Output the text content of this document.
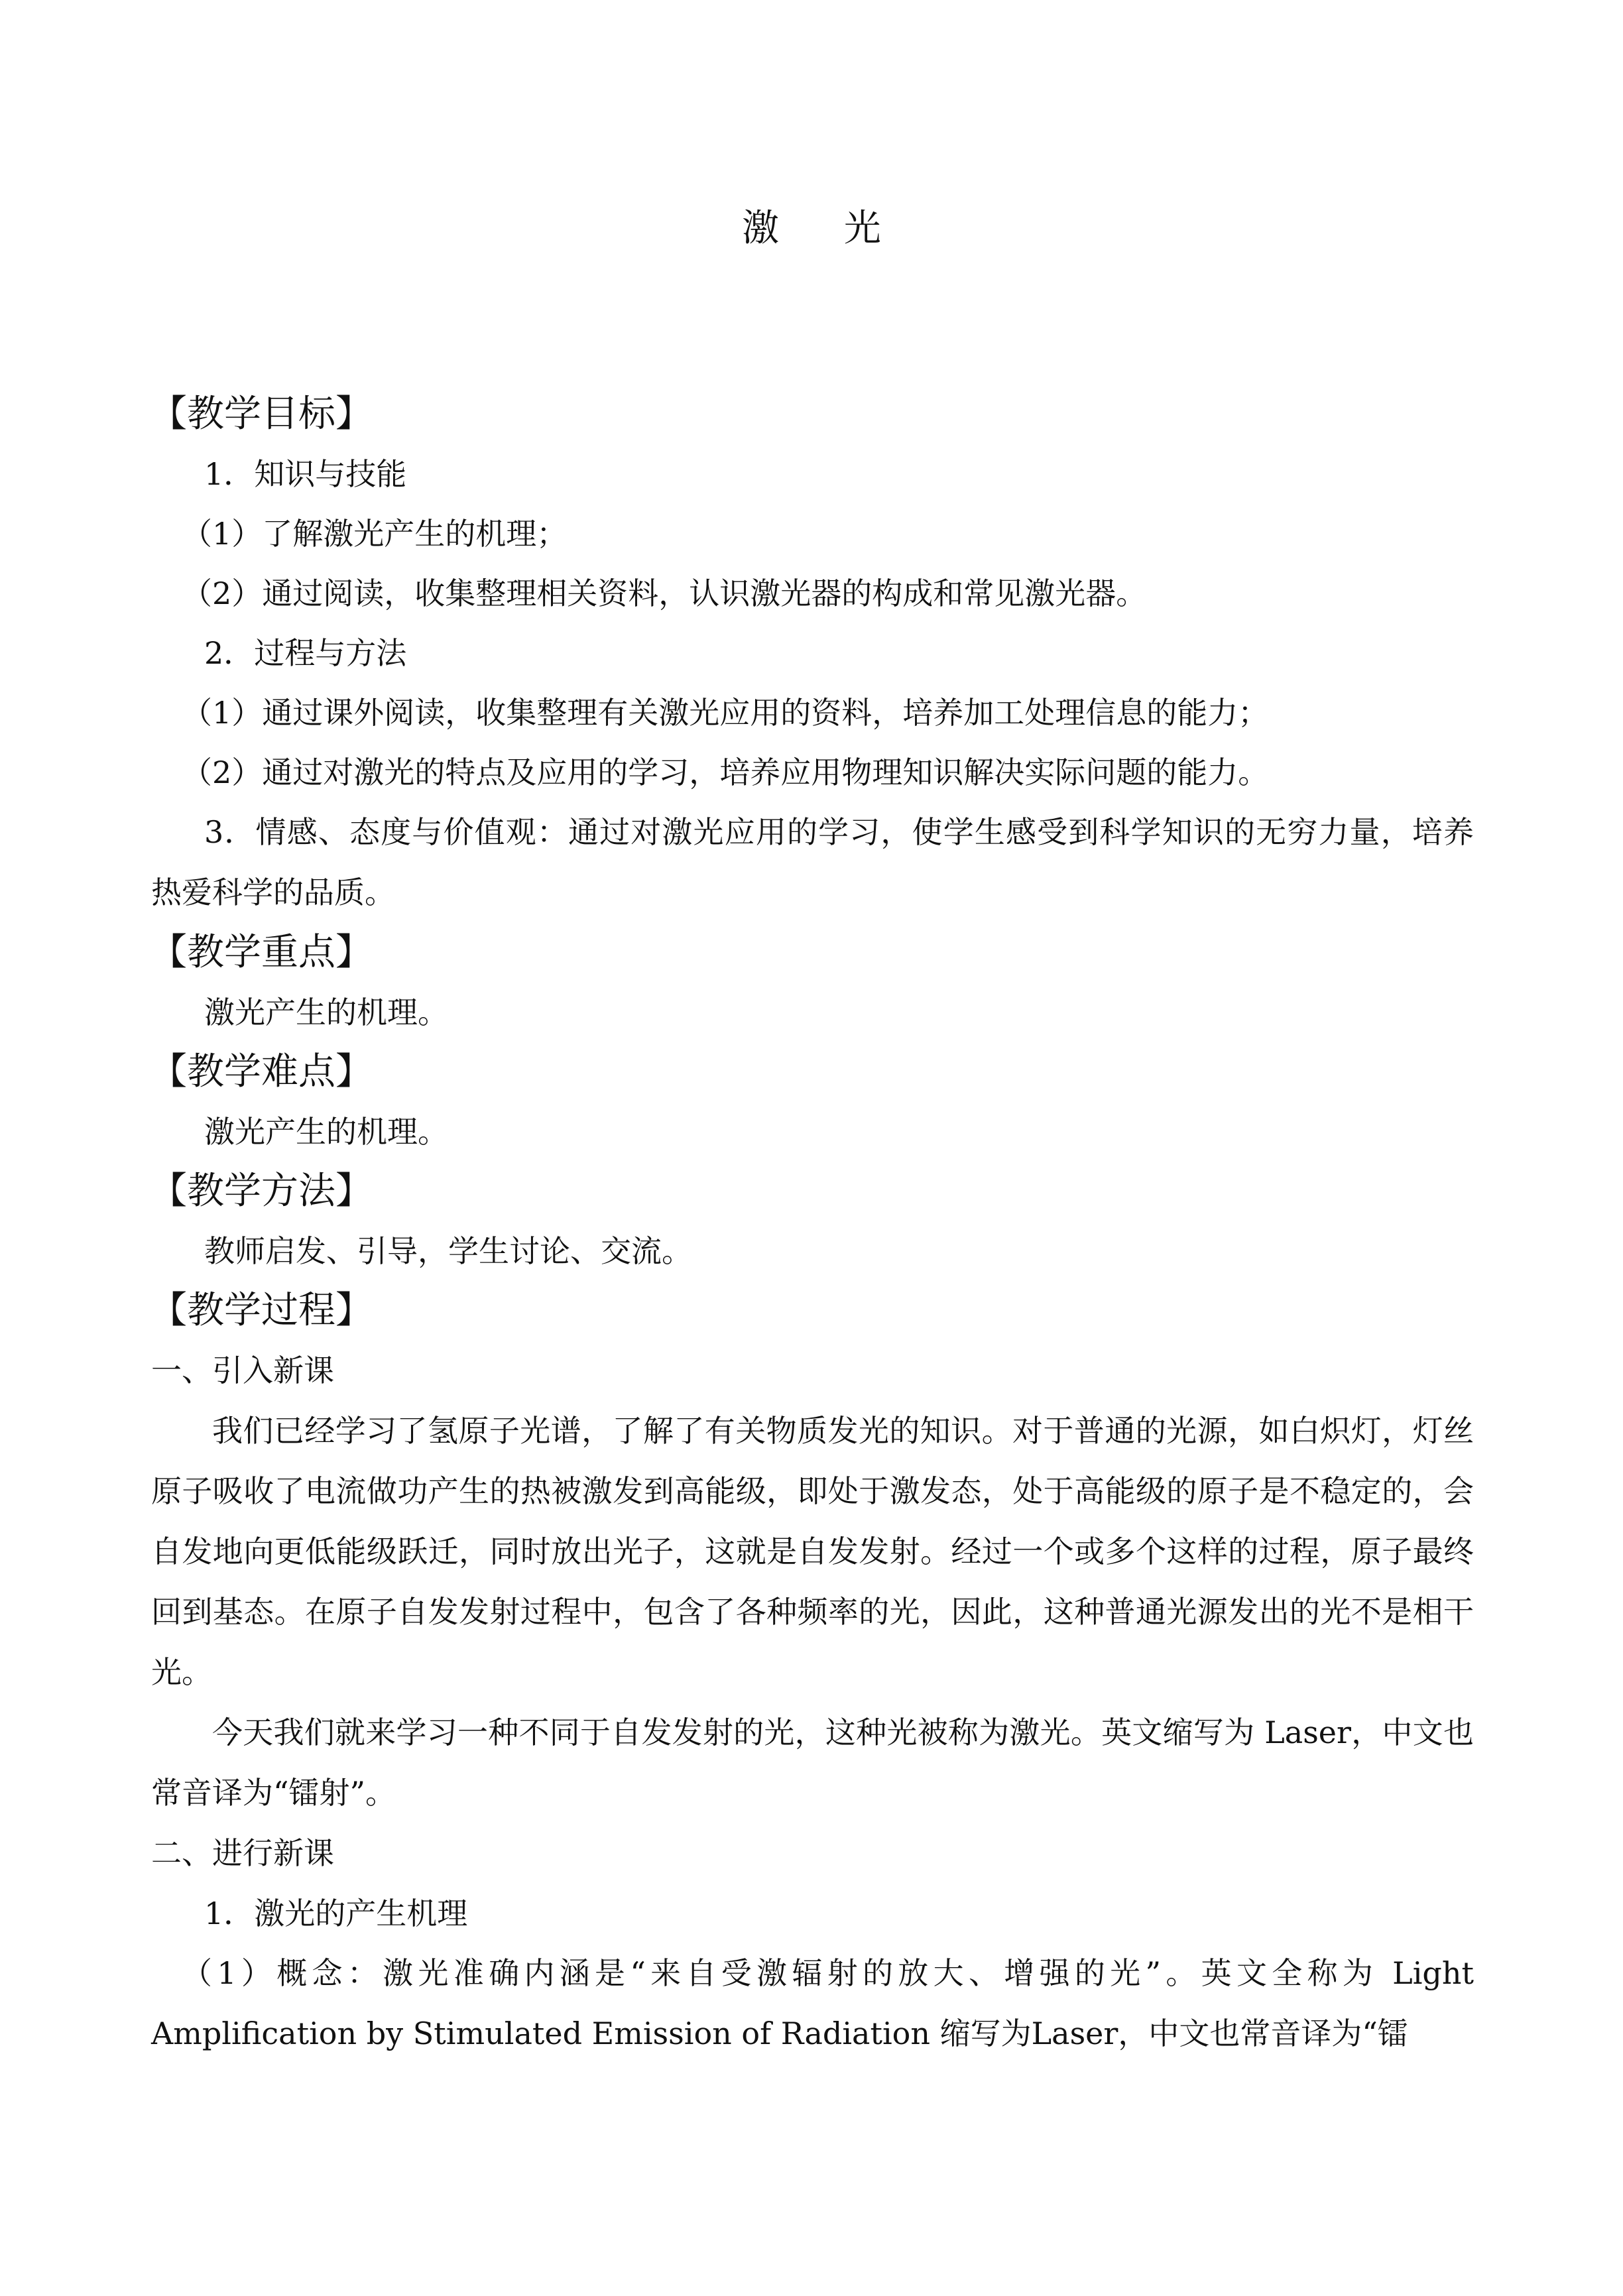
激 光
【教学目标】
1．知识与技能
（1）了解激光产生的机理；
（2）通过阅读，收集整理相关资料，认识激光器的构成和常见激光器。
2．过程与方法
（1）通过课外阅读，收集整理有关激光应用的资料，培养加工处理信息的能力；
（2）通过对激光的特点及应用的学习，培养应用物理知识解决实际问题的能力。
3．情感、态度与价值观：通过对激光应用的学习，使学生感受到科学知识的无穷力量，培养热爱科学的品质。
【教学重点】
激光产生的机理。
【教学难点】
激光产生的机理。
【教学方法】
教师启发、引导，学生讨论、交流。
【教学过程】
一、引入新课
我们已经学习了氢原子光谱，了解了有关物质发光的知识。对于普通的光源，如白炽灯，灯丝原子吸收了电流做功产生的热被激发到高能级，即处于激发态，处于高能级的原子是不稳定的，会自发地向更低能级跃迁，同时放出光子，这就是自发发射。经过一个或多个这样的过程，原子最终回到基态。在原子自发发射过程中，包含了各种频率的光，因此，这种普通光源发出的光不是相干光。
今天我们就来学习一种不同于自发发射的光，这种光被称为激光。英文缩写为 Laser，中文也常音译为“镭射”。
二、进行新课
1．激光的产生机理
（1）概念：激光准确内涵是“来自受激辐射的放大、增强的光”。英文全称为 Light Amplification by Stimulated Emission of Radiation 缩写为Laser，中文也常音译为“镭
